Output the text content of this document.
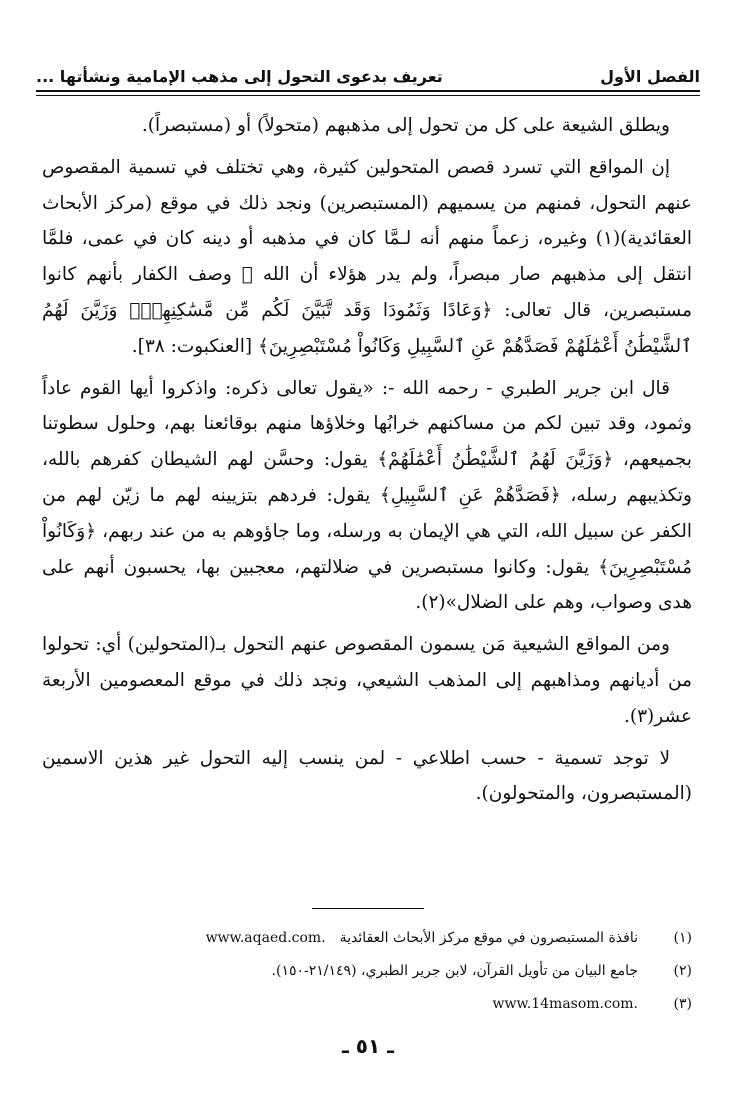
الفصل الأول
تعريف بدعوى التحول إلى مذهب الإمامية ونشأتها ...

ويطلق الشيعة على كل من تحول إلى مذهبهم (متحولاً) أو (مستبصراً).

إن المواقع التي تسرد قصص المتحولين كثيرة، وهي تختلف في تسمية المقصوص عنهم التحول، فمنهم من يسميهم (المستبصرين) ونجد ذلك في موقع (مركز الأبحاث العقائدية)(١) وغيره، زعماً منهم أنه لـمَّا كان في مذهبه أو دينه كان في عمى، فلمَّا انتقل إلى مذهبهم صار مبصراً، ولم يدر هؤلاء أن الله ﷻ وصف الكفار بأنهم كانوا مستبصرين، قال تعالى: ﴿وَعَادًا وَثَمُودَا وَقَد تَّبَيَّنَ لَكُم مِّن مَّسَٰكِنِهِمْۖ وَزَيَّنَ لَهُمُ ٱلشَّيْطَٰنُ أَعْمَٰلَهُمْ فَصَدَّهُمْ عَنِ ٱلسَّبِيلِ وَكَانُواْ مُسْتَبْصِرِينَ﴾ [العنكبوت: ٣٨].

قال ابن جرير الطبري - رحمه الله -: «يقول تعالى ذكره: واذكروا أيها القوم عاداً وثمود، وقد تبين لكم من مساكنهم خرابُها وخلاؤها منهم بوقائعنا بهم، وحلول سطوتنا بجميعهم، ﴿وَزَيَّنَ لَهُمُ ٱلشَّيْطَٰنُ أَعْمَٰلَهُمْ﴾ يقول: وحسَّن لهم الشيطان كفرهم بالله، وتكذيبهم رسله، ﴿فَصَدَّهُمْ عَنِ ٱلسَّبِيلِ﴾ يقول: فردهم بتزيينه لهم ما زيّن لهم من الكفر عن سبيل الله، التي هي الإيمان به ورسله، وما جاؤوهم به من عند ربهم، ﴿وَكَانُواْ مُسْتَبْصِرِينَ﴾ يقول: وكانوا مستبصرين في ضلالتهم، معجبين بها، يحسبون أنهم على هدى وصواب، وهم على الضلال»(٢).

ومن المواقع الشيعية مَن يسمون المقصوص عنهم التحول بـ(المتحولين) أي: تحولوا من أديانهم ومذاهبهم إلى المذهب الشيعي، ونجد ذلك في موقع المعصومين الأربعة عشر(٣).

لا توجد تسمية - حسب اطلاعي - لمن ينسب إليه التحول غير هذين الاسمين (المستبصرون، والمتحولون).

(١)
نافذة المستبصرون في موقع مركز الأبحاث العقائدية
www.aqaed.com.
(٢)
جامع البيان من تأويل القرآن، لابن جرير الطبري، (٢١/١٤٩-١٥٠).
(٣)
www.14masom.com.
ـ ٥١ ـ
